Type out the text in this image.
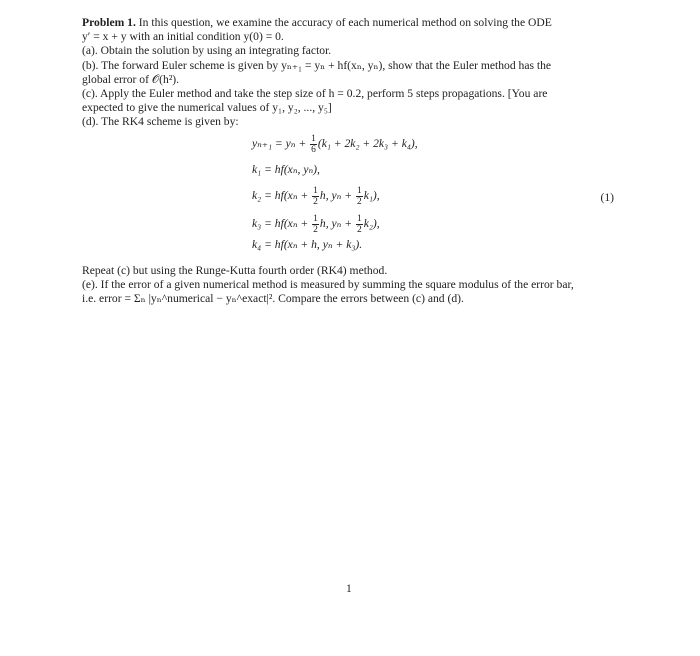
Problem 1. In this question, we examine the accuracy of each numerical method on solving the ODE

y′ = x + y with an initial condition y(0) = 0.

(a). Obtain the solution by using an integrating factor.

(b). The forward Euler scheme is given by yₙ₊₁ = yₙ + hf(xₙ, yₙ), show that the Euler method has the

global error of 𝒪(h²).

(c). Apply the Euler method and take the step size of h = 0.2, perform 5 steps propagations. [You are

expected to give the numerical values of y₁, y₂, ..., y₅]

(d). The RK4 scheme is given by:

$y_{n+1} = y_n + \frac{1}{6} (k_1 + 2k_2 + 2k_3 + k_4)$,
k₁ = hf(xₙ, yₙ),
$k_2 = hf(x_n + \frac{1}{2} h$, $y_n + \frac{1}{2} k_1$),
$k_3 = hf(x_n + \frac{1}{2} h$, $y_n + \frac{1}{2} k_2$),
k₄ = hf(xₙ + h, yₙ + k₃).
(1)

Repeat (c) but using the Runge-Kutta fourth order (RK4) method.

(e). If the error of a given numerical method is measured by summing the square modulus of the error bar,

i.e. error = Σₙ |yₙ^numerical − yₙ^exact|². Compare the errors between (c) and (d).

1
